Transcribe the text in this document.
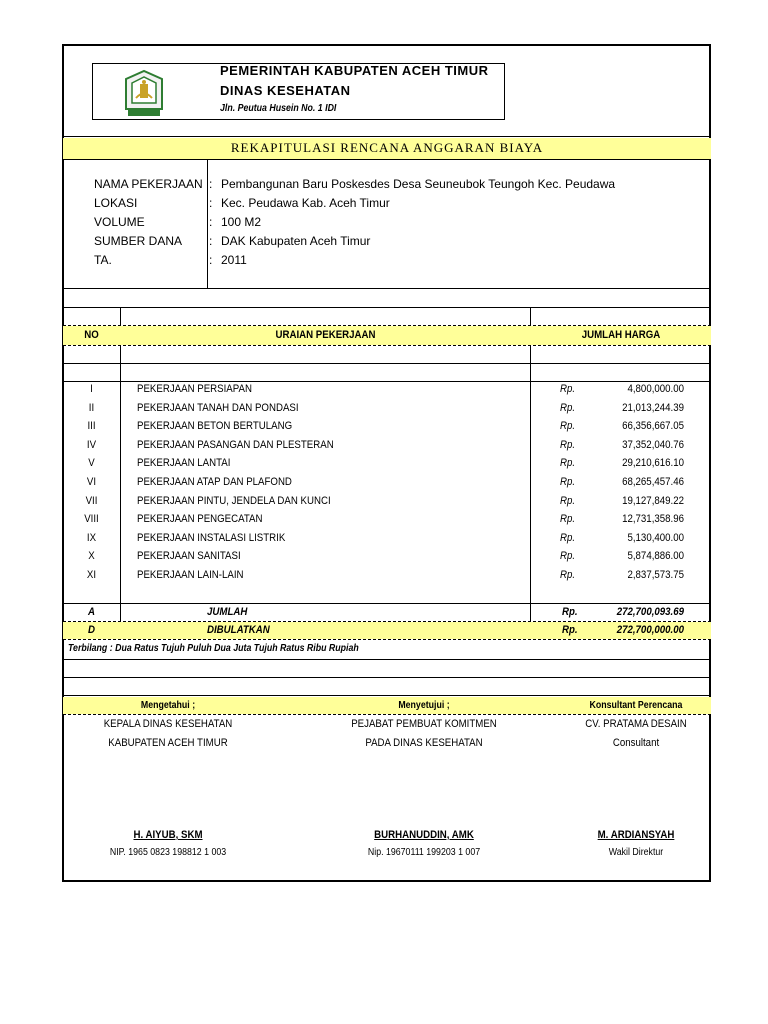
PEMERINTAH KABUPATEN ACEH TIMUR
DINAS KESEHATAN
Jln. Peutua Husein No. 1 IDI
REKAPITULASI RENCANA ANGGARAN BIAYA
NAMA PEKERJAAN : Pembangunan Baru Poskesdes Desa Seuneubok Teungoh Kec. Peudawa
LOKASI	: Kec. Peudawa Kab. Aceh Timur
VOLUME	: 100 M2
SUMBER DANA : DAK Kabupaten Aceh Timur
TA.	: 2011
NO	URAIAN PEKERJAAN	JUMLAH HARGA
I	PEKERJAAN PERSIAPAN	Rp.	4,800,000.00
II	PEKERJAAN TANAH DAN PONDASI	Rp.	21,013,244.39
III	PEKERJAAN BETON BERTULANG	Rp.	66,356,667.05
IV	PEKERJAAN PASANGAN DAN PLESTERAN	Rp.	37,352,040.76
V	PEKERJAAN LANTAI	Rp.	29,210,616.10
VI	PEKERJAAN ATAP DAN PLAFOND	Rp.	68,265,457.46
VII	PEKERJAAN PINTU, JENDELA DAN KUNCI	Rp.	19,127,849.22
VIII	PEKERJAAN PENGECATAN	Rp.	12,731,358.96
IX	PEKERJAAN INSTALASI LISTRIK	Rp.	5,130,400.00
X	PEKERJAAN SANITASI	Rp.	5,874,886.00
XI	PEKERJAAN LAIN-LAIN	Rp.	2,837,573.75
A	JUMLAH	Rp.	272,700,093.69
D	DIBULATKAN	Rp.	272,700,000.00
Terbilang : Dua Ratus Tujuh Puluh Dua Juta Tujuh Ratus Ribu Rupiah
Mengetahui ;
KEPALA DINAS KESEHATAN
KABUPATEN ACEH TIMUR
H. AIYUB, SKM
NIP. 1965 0823 198812 1 003
Menyetujui ;
PEJABAT PEMBUAT KOMITMEN
PADA DINAS KESEHATAN
BURHANUDDIN, AMK
Nip. 19670111 199203 1 007
Konsultant Perencana
CV. PRATAMA DESAIN
Consultant
M. ARDIANSYAH
Wakil Direktur
